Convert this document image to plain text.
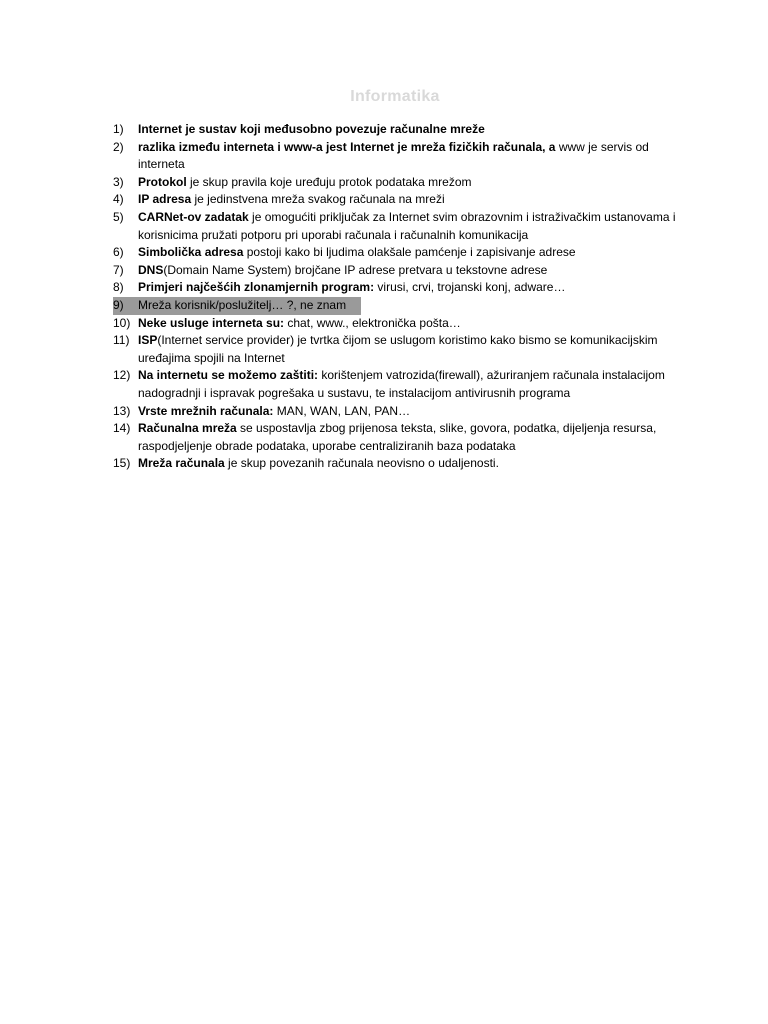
Informatika
1)	Internet je sustav koji međusobno povezuje računalne mreže
2)	razlika između interneta i www-a jest Internet je mreža fizičkih računala, a www je servis od interneta
3)	Protokol je skup pravila koje uređuju protok podataka mrežom
4)	IP adresa je jedinstvena mreža svakog računala na mreži
5)	CARNet-ov zadatak je omogućiti priključak za Internet svim obrazovnim i istraživačkim ustanovama i korisnicima pružati potporu pri uporabi računala i računalnih komunikacija
6)	Simbolička adresa postoji kako bi ljudima olakšale pamćenje i zapisivanje adrese
7)	DNS(Domain Name System) brojčane IP adrese pretvara u tekstovne adrese
8)	Primjeri najčešćih zlonamjernih program: virusi, crvi, trojanski konj, adware…
9)	Mreža korisnik/poslužitelj… ?, ne znam
10) Neke usluge interneta su: chat, www., elektronička pošta…
11) ISP(Internet service provider) je tvrtka čijom se uslugom koristimo kako bismo se komunikacijskim uređajima spojili na Internet
12) Na internetu se možemo zaštiti: korištenjem vatrozida(firewall), ažuriranjem računala instalacijom nadogradnji i ispravak pogrešaka u sustavu, te instalacijom antivirusnih programa
13) Vrste mrežnih računala: MAN, WAN, LAN, PAN…
14) Računalna mreža se uspostavlja zbog prijenosa teksta, slike, govora, podatka, dijeljenja resursa, raspodjeljenje obrade podataka, uporabe centraliziranih baza podataka
15) Mreža računala je skup povezanih računala neovisno o udaljenosti.
